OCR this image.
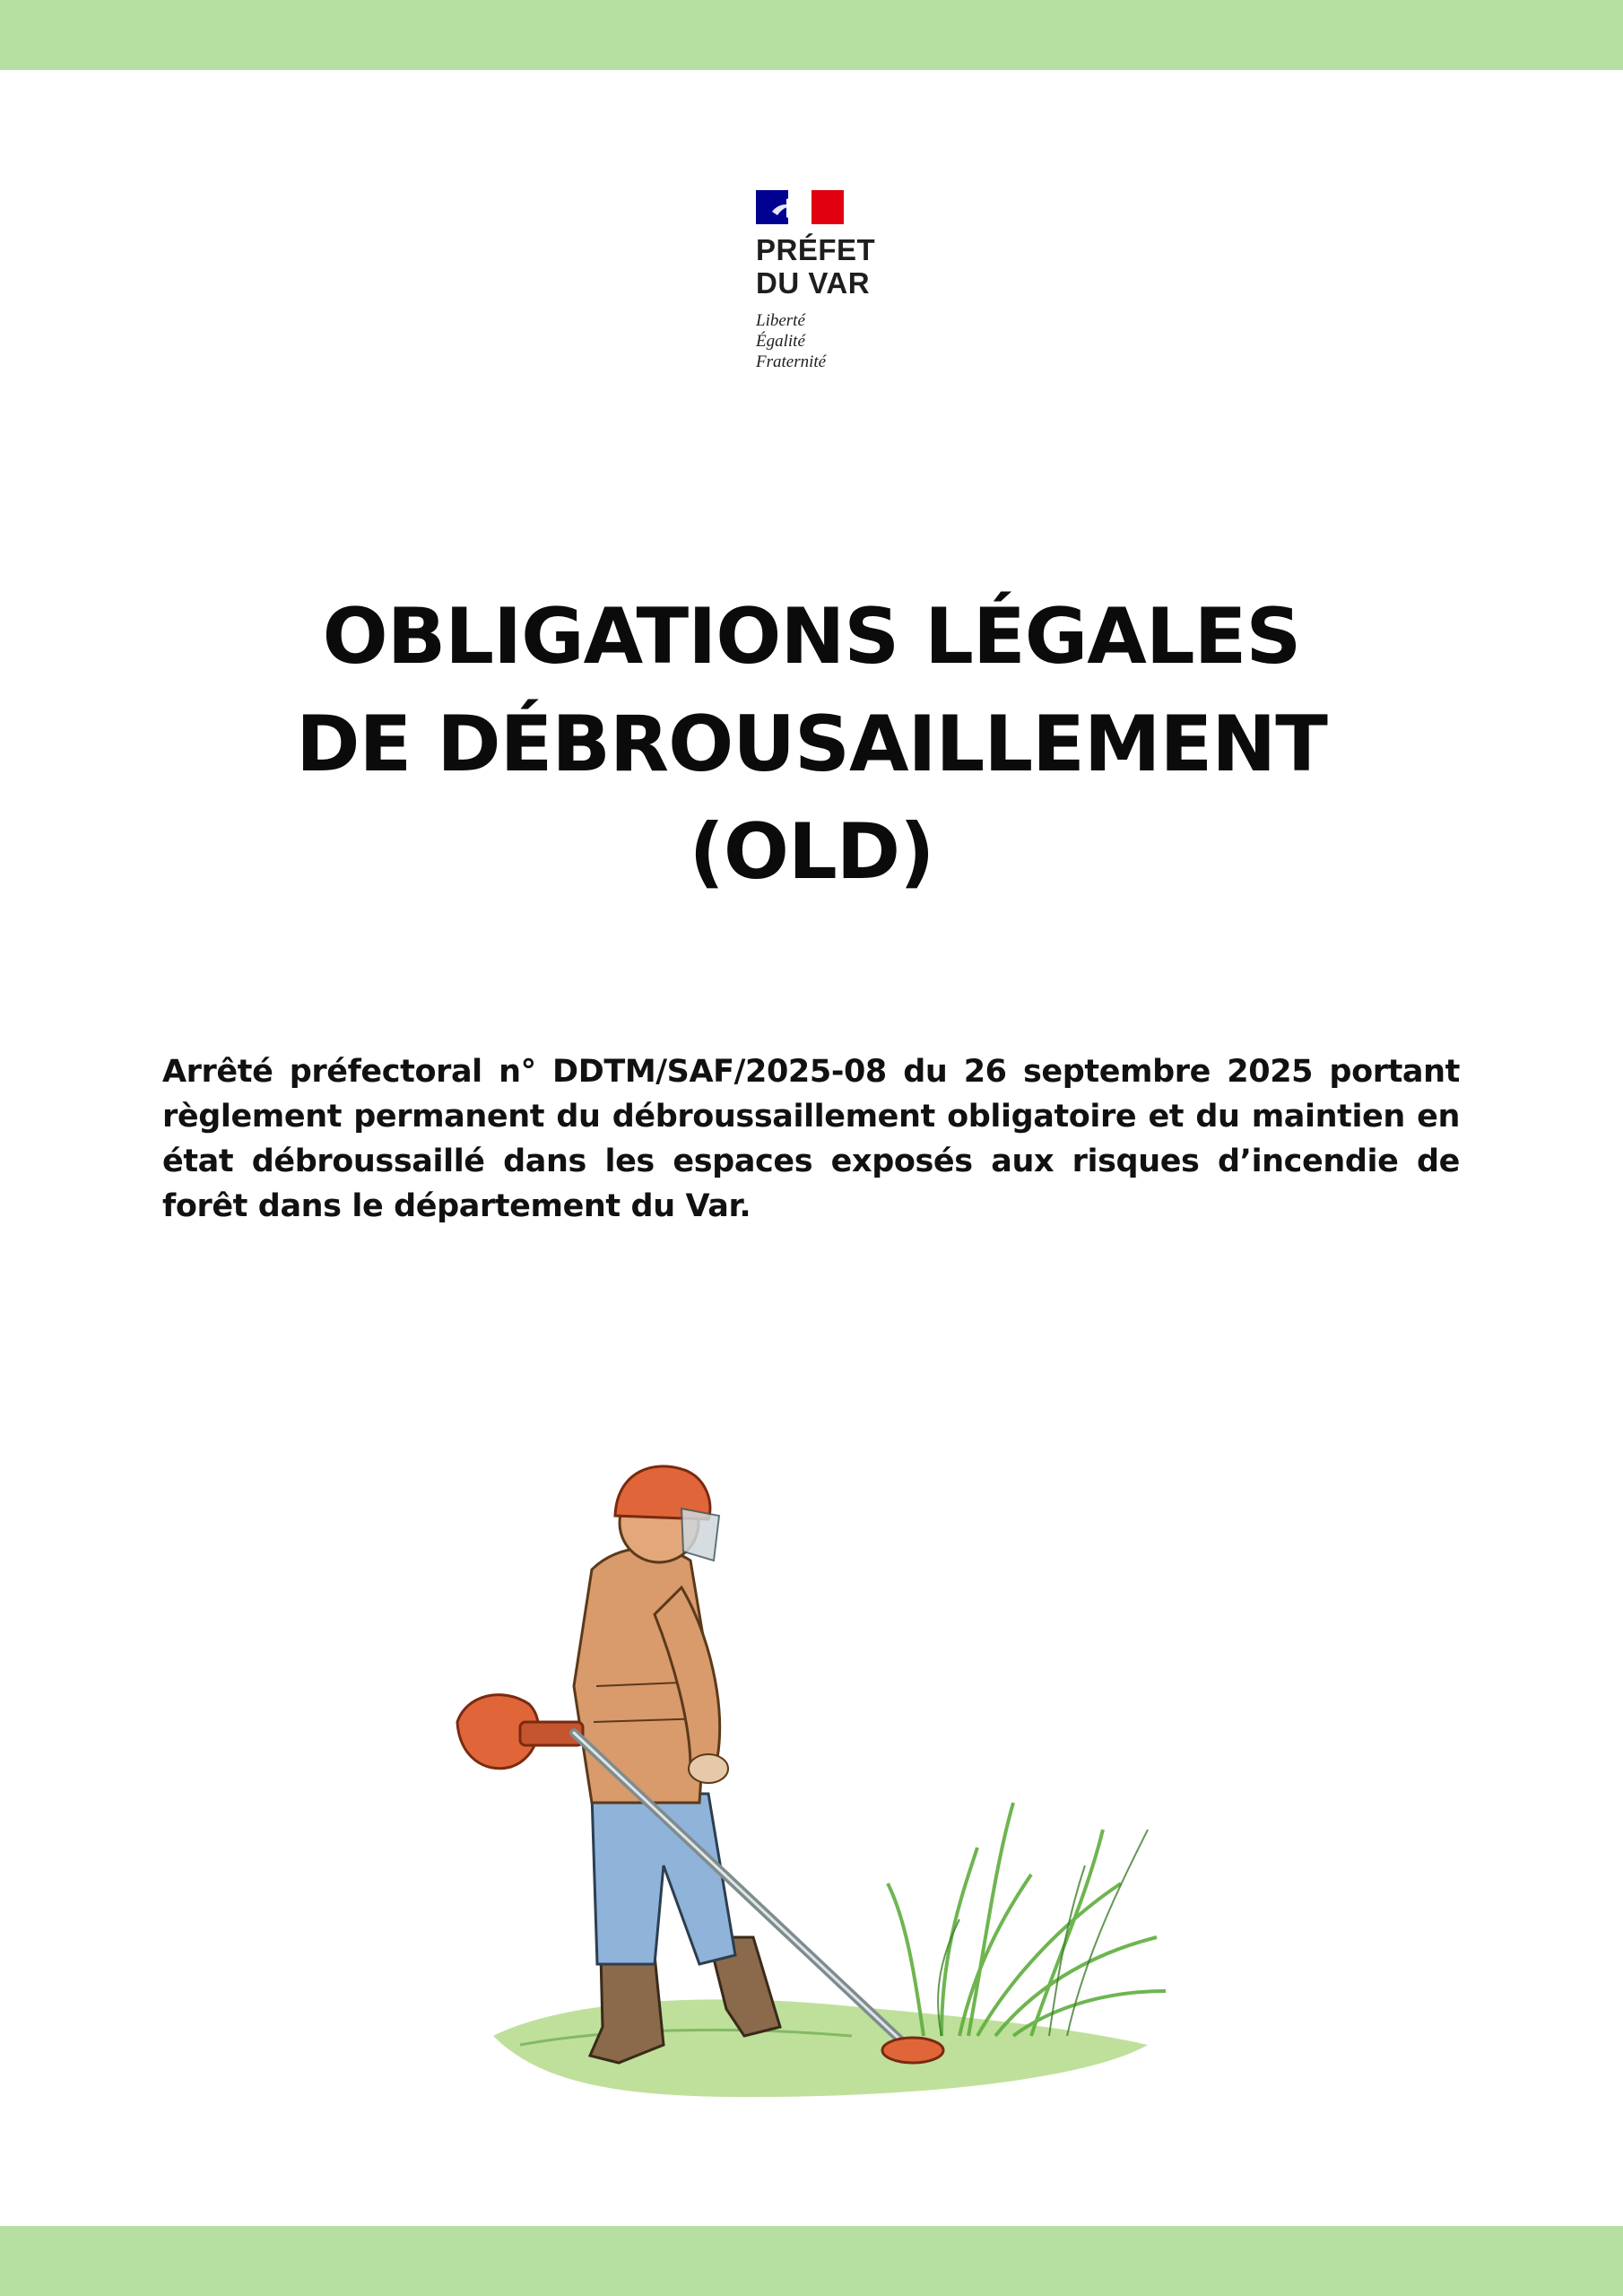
PRÉFET
DU VAR
Liberté
Égalité
Fraternité
OBLIGATIONS LÉGALES
DE DÉBROUSAILLEMENT
(OLD)

Arrêté préfectoral n° DDTM/SAF/2025-08 du 26 septembre 2025 portant règlement permanent du débroussaillement obligatoire et du maintien en état débroussaillé dans les espaces exposés aux risques d’incendie de forêt dans le département du Var.
